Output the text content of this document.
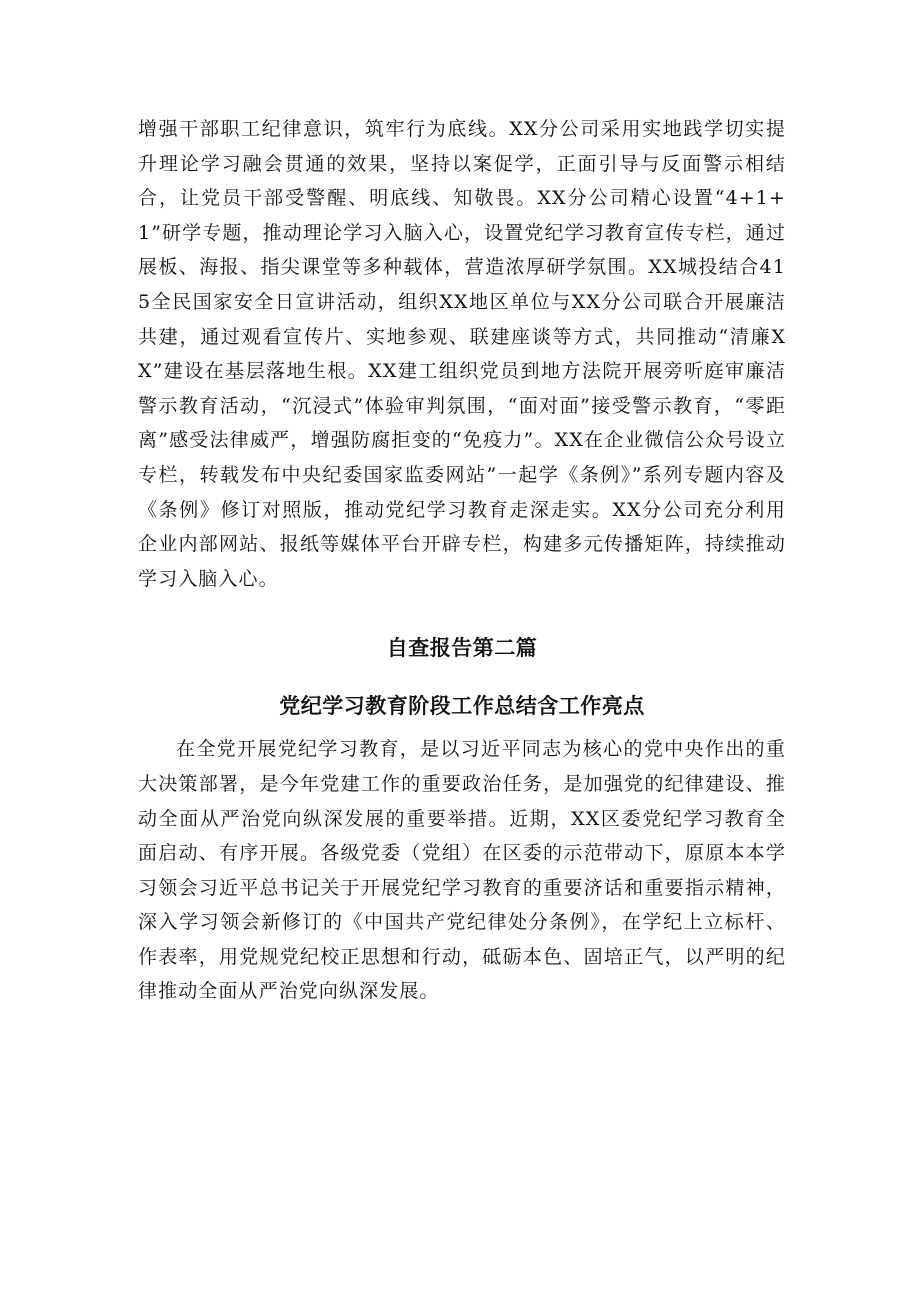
增强干部职工纪律意识，筑牢行为底线。XX分公司采用实地践学切实提升理论学习融会贯通的效果，坚持以案促学，正面引导与反面警示相结合，让党员干部受警醒、明底线、知敬畏。XX分公司精心设置“4+1+1”研学专题，推动理论学习入脑入心，设置党纪学习教育宣传专栏，通过展板、海报、指尖课堂等多种载体，营造浓厚研学氛围。XX城投结合415全民国家安全日宣讲活动，组织XX地区单位与XX分公司联合开展廉洁共建，通过观看宣传片、实地参观、联建座谈等方式，共同推动“清廉XX”建设在基层落地生根。XX建工组织党员到地方法院开展旁听庭审廉洁警示教育活动，“沉浸式”体验审判氛围，“面对面”接受警示教育，“零距离”感受法律威严，增强防腐拒变的“免疫力”。XX在企业微信公众号设立专栏，转载发布中央纪委国家监委网站”一起学《条例》”系列专题内容及《条例》修订对照版，推动党纪学习教育走深走实。XX分公司充分利用企业内部网站、报纸等媒体平台开辟专栏，构建多元传播矩阵，持续推动学习入脑入心。

自查报告第二篇
党纪学习教育阶段工作总结含工作亮点

在全党开展党纪学习教育，是以习近平同志为核心的党中央作出的重大决策部署，是今年党建工作的重要政治任务，是加强党的纪律建设、推动全面从严治党向纵深发展的重要举措。近期，XX区委党纪学习教育全面启动、有序开展。各级党委（党组）在区委的示范带动下，原原本本学习领会习近平总书记关于开展党纪学习教育的重要济话和重要指示精神，深入学习领会新修订的《中国共产党纪律处分条例》，在学纪上立标杆、作表率，用党规党纪校正思想和行动，砥砺本色、固培正气，以严明的纪律推动全面从严治党向纵深发展。
